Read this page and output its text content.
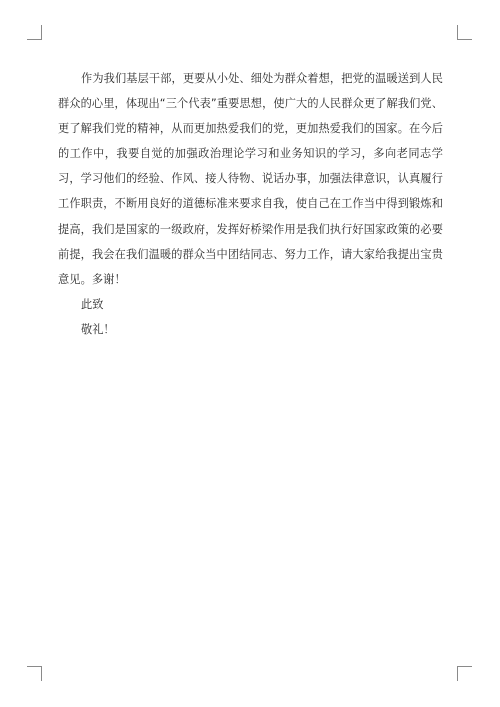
作为我们基层干部，更要从小处、细处为群众着想，把党的温暖送到人民群众的心里，体现出“三个代表”重要思想，使广大的人民群众更了解我们党、更了解我们党的精神，从而更加热爱我们的党，更加热爱我们的国家。在今后的工作中，我要自觉的加强政治理论学习和业务知识的学习，多向老同志学习，学习他们的经验、作风、接人待物、说话办事，加强法律意识，认真履行工作职责，不断用良好的道德标准来要求自我，使自己在工作当中得到锻炼和提高，我们是国家的一级政府，发挥好桥梁作用是我们执行好国家政策的必要前提，我会在我们温暖的群众当中团结同志、努力工作，请大家给我提出宝贵意见。多谢！

此致

敬礼！
